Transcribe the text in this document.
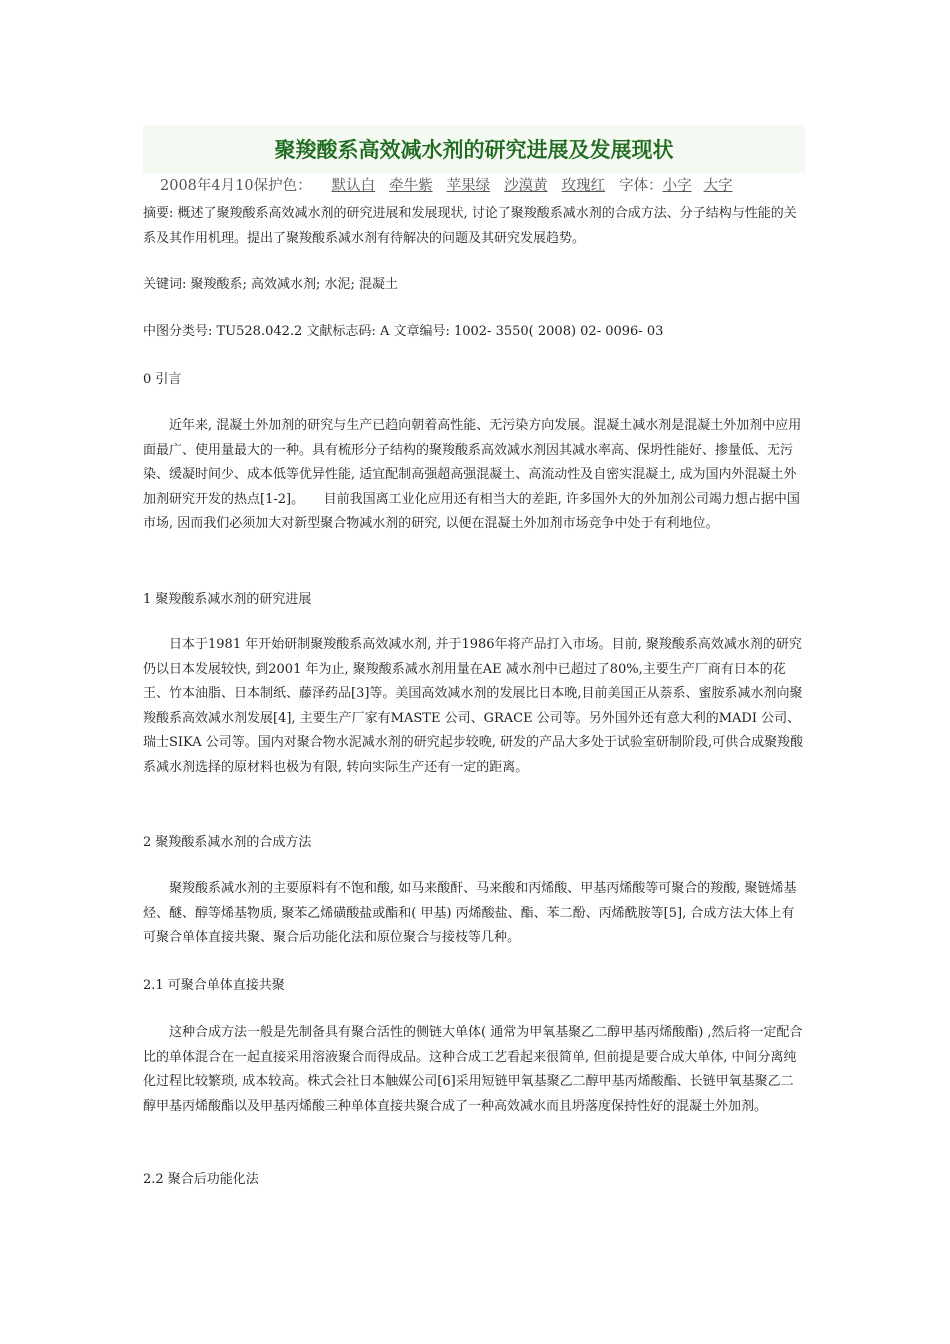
聚羧酸系高效减水剂的研究进展及发展现状
2008年4月10保护色： 默认白 牵牛紫 苹果绿 沙漠黄 玫瑰红 字体：小字 大字
摘要: 概述了聚羧酸系高效减水剂的研究进展和发展现状, 讨论了聚羧酸系减水剂的合成方法、分子结构与性能的关系及其作用机理。提出了聚羧酸系减水剂有待解决的问题及其研究发展趋势。
关键词: 聚羧酸系; 高效减水剂; 水泥; 混凝土
中图分类号: TU528.042.2 文献标志码: A 文章编号: 1002- 3550( 2008) 02- 0096- 03
0 引言
近年来, 混凝土外加剂的研究与生产已趋向朝着高性能、无污染方向发展。混凝土减水剂是混凝土外加剂中应用面最广、使用量最大的一种。具有梳形分子结构的聚羧酸系高效减水剂因其减水率高、保坍性能好、掺量低、无污染、缓凝时间少、成本低等优异性能, 适宜配制高强超高强混凝土、高流动性及自密实混凝土, 成为国内外混凝土外加剂研究开发的热点[1-2]。　　目前我国离工业化应用还有相当大的差距, 许多国外大的外加剂公司竭力想占据中国市场, 因而我们必须加大对新型聚合物减水剂的研究, 以便在混凝土外加剂市场竞争中处于有利地位。
1 聚羧酸系减水剂的研究进展
日本于1981 年开始研制聚羧酸系高效减水剂, 并于1986年将产品打入市场。目前, 聚羧酸系高效减水剂的研究仍以日本发展较快, 到2001 年为止, 聚羧酸系减水剂用量在AE 减水剂中已超过了80%,主要生产厂商有日本的花王、竹本油脂、日本制纸、藤泽药品[3]等。美国高效减水剂的发展比日本晚,目前美国正从萘系、蜜胺系减水剂向聚羧酸系高效减水剂发展[4], 主要生产厂家有MASTE 公司、GRACE 公司等。另外国外还有意大利的MADI 公司、瑞士SIKA 公司等。国内对聚合物水泥减水剂的研究起步较晚, 研发的产品大多处于试验室研制阶段,可供合成聚羧酸系减水剂选择的原材料也极为有限, 转向实际生产还有一定的距离。
2 聚羧酸系减水剂的合成方法
聚羧酸系减水剂的主要原料有不饱和酸, 如马来酸酐、马来酸和丙烯酸、甲基丙烯酸等可聚合的羧酸, 聚链烯基烃、醚、醇等烯基物质, 聚苯乙烯磺酸盐或酯和( 甲基) 丙烯酸盐、酯、苯二酚、丙烯酰胺等[5], 合成方法大体上有可聚合单体直接共聚、聚合后功能化法和原位聚合与接枝等几种。
2.1 可聚合单体直接共聚
这种合成方法一般是先制备具有聚合活性的侧链大单体( 通常为甲氧基聚乙二醇甲基丙烯酸酯) ,然后将一定配合比的单体混合在一起直接采用溶液聚合而得成品。这种合成工艺看起来很简单, 但前提是要合成大单体, 中间分离纯化过程比较繁琐, 成本较高。株式会社日本触媒公司[6]采用短链甲氧基聚乙二醇甲基丙烯酸酯、长链甲氧基聚乙二醇甲基丙烯酸酯以及甲基丙烯酸三种单体直接共聚合成了一种高效减水而且坍落度保持性好的混凝土外加剂。
2.2 聚合后功能化法
